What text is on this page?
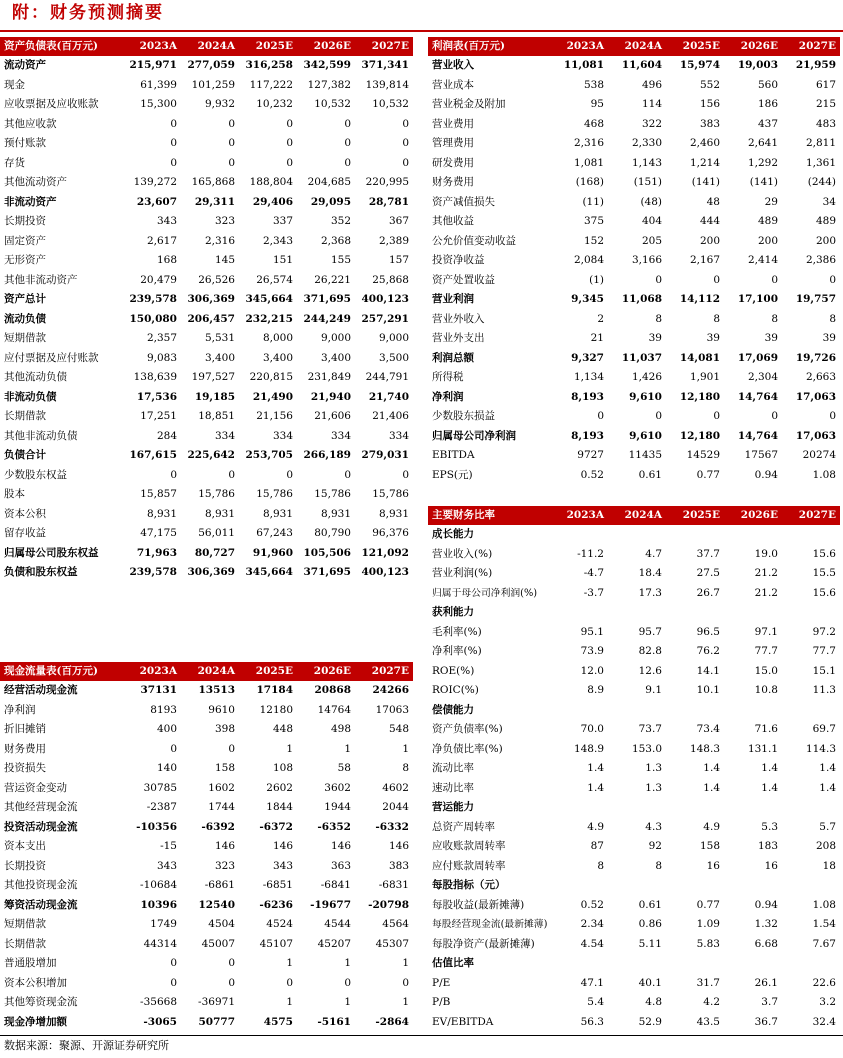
附：财务预测摘要
资产负债表(百万元)	2023A	2024A	2025E	2026E	2027E
流动资产	215,971	277,059	316,258	342,599	371,341
现金	61,399	101,259	117,222	127,382	139,814
应收票据及应收账款	15,300	9,932	10,232	10,532	10,532
其他应收款	0	0	0	0	0
预付账款	0	0	0	0	0
存货	0	0	0	0	0
其他流动资产	139,272	165,868	188,804	204,685	220,995
非流动资产	23,607	29,311	29,406	29,095	28,781
长期投资	343	323	337	352	367
固定资产	2,617	2,316	2,343	2,368	2,389
无形资产	168	145	151	155	157
其他非流动资产	20,479	26,526	26,574	26,221	25,868
资产总计	239,578	306,369	345,664	371,695	400,123
流动负债	150,080	206,457	232,215	244,249	257,291
短期借款	2,357	5,531	8,000	9,000	9,000
应付票据及应付账款	9,083	3,400	3,400	3,400	3,500
其他流动负债	138,639	197,527	220,815	231,849	244,791
非流动负债	17,536	19,185	21,490	21,940	21,740
长期借款	17,251	18,851	21,156	21,606	21,406
其他非流动负债	284	334	334	334	334
负债合计	167,615	225,642	253,705	266,189	279,031
少数股东权益	0	0	0	0	0
股本	15,857	15,786	15,786	15,786	15,786
资本公积	8,931	8,931	8,931	8,931	8,931
留存收益	47,175	56,011	67,243	80,790	96,376
归属母公司股东权益	71,963	80,727	91,960	105,506	121,092
负债和股东权益	239,578	306,369	345,664	371,695	400,123
利润表(百万元)	2023A	2024A	2025E	2026E	2027E
营业收入	11,081	11,604	15,974	19,003	21,959
营业成本	538	496	552	560	617
营业税金及附加	95	114	156	186	215
营业费用	468	322	383	437	483
管理费用	2,316	2,330	2,460	2,641	2,811
研发费用	1,081	1,143	1,214	1,292	1,361
财务费用	(168)	(151)	(141)	(141)	(244)
资产减值损失	(11)	(48)	48	29	34
其他收益	375	404	444	489	489
公允价值变动收益	152	205	200	200	200
投资净收益	2,084	3,166	2,167	2,414	2,386
资产处置收益	(1)	0	0	0	0
营业利润	9,345	11,068	14,112	17,100	19,757
营业外收入	2	8	8	8	8
营业外支出	21	39	39	39	39
利润总额	9,327	11,037	14,081	17,069	19,726
所得税	1,134	1,426	1,901	2,304	2,663
净利润	8,193	9,610	12,180	14,764	17,063
少数股东损益	0	0	0	0	0
归属母公司净利润	8,193	9,610	12,180	14,764	17,063
EBITDA	9727	11435	14529	17567	20274
EPS(元)	0.52	0.61	0.77	0.94	1.08
主要财务比率	2023A	2024A	2025E	2026E	2027E
成长能力					
营业收入(%)	-11.2	4.7	37.7	19.0	15.6
营业利润(%)	-4.7	18.4	27.5	21.2	15.5
归属于母公司净利润(%)	-3.7	17.3	26.7	21.2	15.6
获利能力					
毛利率(%)	95.1	95.7	96.5	97.1	97.2
净利率(%)	73.9	82.8	76.2	77.7	77.7
ROE(%)	12.0	12.6	14.1	15.0	15.1
ROIC(%)	8.9	9.1	10.1	10.8	11.3
偿债能力					
资产负债率(%)	70.0	73.7	73.4	71.6	69.7
净负债比率(%)	148.9	153.0	148.3	131.1	114.3
流动比率	1.4	1.3	1.4	1.4	1.4
速动比率	1.4	1.3	1.4	1.4	1.4
营运能力					
总资产周转率	4.9	4.3	4.9	5.3	5.7
应收账款周转率	87	92	158	183	208
应付账款周转率	8	8	16	16	18
每股指标（元）					
每股收益(最新摊薄)	0.52	0.61	0.77	0.94	1.08
每股经营现金流(最新摊薄)	2.34	0.86	1.09	1.32	1.54
每股净资产(最新摊薄)	4.54	5.11	5.83	6.68	7.67
估值比率					
P/E	47.1	40.1	31.7	26.1	22.6
P/B	5.4	4.8	4.2	3.7	3.2
EV/EBITDA	56.3	52.9	43.5	36.7	32.4
现金流量表(百万元)	2023A	2024A	2025E	2026E	2027E
经营活动现金流	37131	13513	17184	20868	24266
净利润	8193	9610	12180	14764	17063
折旧摊销	400	398	448	498	548
财务费用	0	0	1	1	1
投资损失	140	158	108	58	8
营运资金变动	30785	1602	2602	3602	4602
其他经营现金流	-2387	1744	1844	1944	2044
投资活动现金流	-10356	-6392	-6372	-6352	-6332
资本支出	-15	146	146	146	146
长期投资	343	323	343	363	383
其他投资现金流	-10684	-6861	-6851	-6841	-6831
筹资活动现金流	10396	12540	-6236	-19677	-20798
短期借款	1749	4504	4524	4544	4564
长期借款	44314	45007	45107	45207	45307
普通股增加	0	0	1	1	1
资本公积增加	0	0	0	0	0
其他筹资现金流	-35668	-36971	1	1	1
现金净增加额	-3065	50777	4575	-5161	-2864
数据来源：聚源、开源证券研究所
